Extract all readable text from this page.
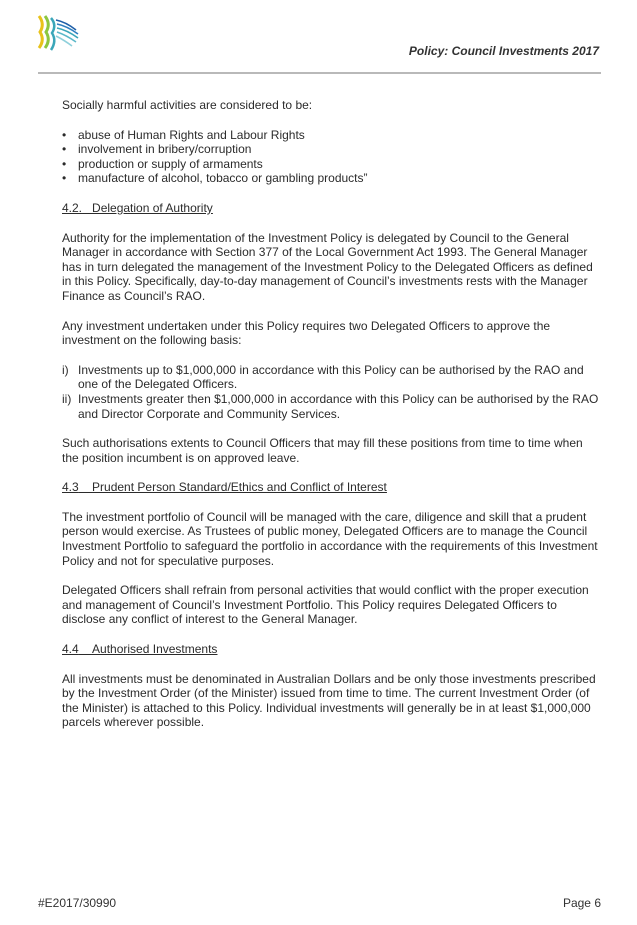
Policy: Council Investments 2017

Socially harmful activities are considered to be:

• abuse of Human Rights and Labour Rights
• involvement in bribery/corruption
• production or supply of armaments
• manufacture of alcohol, tobacco or gambling products”
4.2. Delegation of Authority

Authority for the implementation of the Investment Policy is delegated by Council to the General Manager in accordance with Section 377 of the Local Government Act 1993. The General Manager has in turn delegated the management of the Investment Policy to the Delegated Officers as defined in this Policy. Specifically, day-to-day management of Council’s investments rests with the Manager Finance as Council’s RAO.

Any investment undertaken under this Policy requires two Delegated Officers to approve the investment on the following basis:

i) Investments up to $1,000,000 in accordance with this Policy can be authorised by the RAO and one of the Delegated Officers.
ii) Investments greater then $1,000,000 in accordance with this Policy can be authorised by the RAO and Director Corporate and Community Services.

Such authorisations extents to Council Officers that may fill these positions from time to time when the position incumbent is on approved leave.

4.3 Prudent Person Standard/Ethics and Conflict of Interest

The investment portfolio of Council will be managed with the care, diligence and skill that a prudent person would exercise. As Trustees of public money, Delegated Officers are to manage the Council Investment Portfolio to safeguard the portfolio in accordance with the requirements of this Investment Policy and not for speculative purposes.

Delegated Officers shall refrain from personal activities that would conflict with the proper execution and management of Council’s Investment Portfolio. This Policy requires Delegated Officers to disclose any conflict of interest to the General Manager.

4.4 Authorised Investments

All investments must be denominated in Australian Dollars and be only those investments prescribed by the Investment Order (of the Minister) issued from time to time. The current Investment Order (of the Minister) is attached to this Policy. Individual investments will generally be in at least $1,000,000 parcels wherever possible.

#E2017/30990	Page 6
